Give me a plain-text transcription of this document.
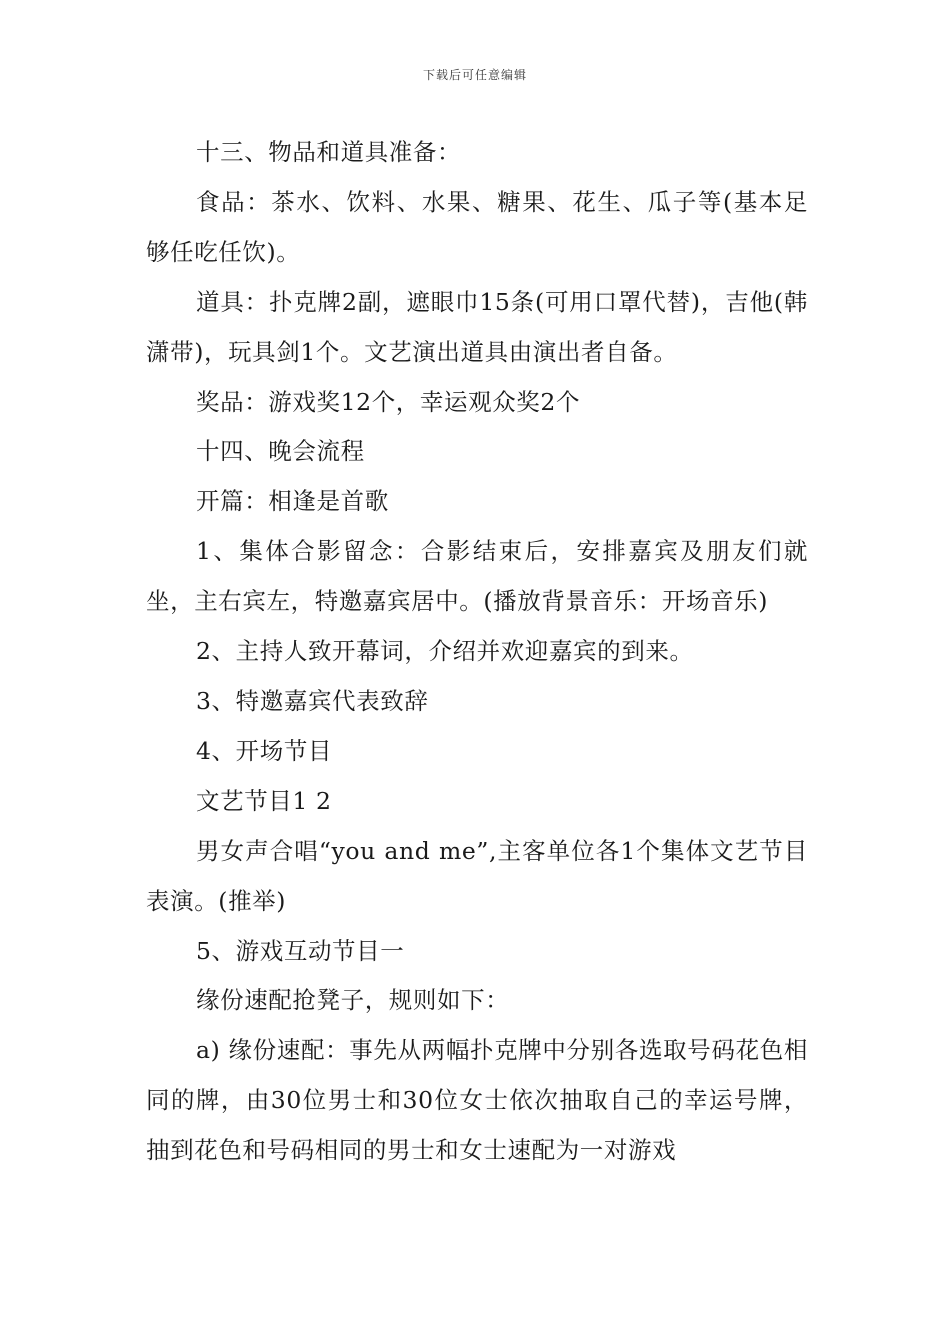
下载后可任意编辑

十三、物品和道具准备：

食品：茶水、饮料、水果、糖果、花生、瓜子等(基本足够任吃任饮)。

道具：扑克牌2副，遮眼巾15条(可用口罩代替)，吉他(韩潇带)，玩具剑1个。文艺演出道具由演出者自备。

奖品：游戏奖12个，幸运观众奖2个

十四、晚会流程

开篇：相逢是首歌

1、集体合影留念：合影结束后，安排嘉宾及朋友们就坐，主右宾左，特邀嘉宾居中。(播放背景音乐：开场音乐)

2、主持人致开幕词，介绍并欢迎嘉宾的到来。

3、特邀嘉宾代表致辞

4、开场节目

文艺节目1 2

男女声合唱“you and me”,主客单位各1个集体文艺节目表演。(推举)

5、游戏互动节目一

缘份速配抢凳子，规则如下：

a) 缘份速配：事先从两幅扑克牌中分别各选取号码花色相同的牌，由30位男士和30位女士依次抽取自己的幸运号牌，抽到花色和号码相同的男士和女士速配为一对游戏
